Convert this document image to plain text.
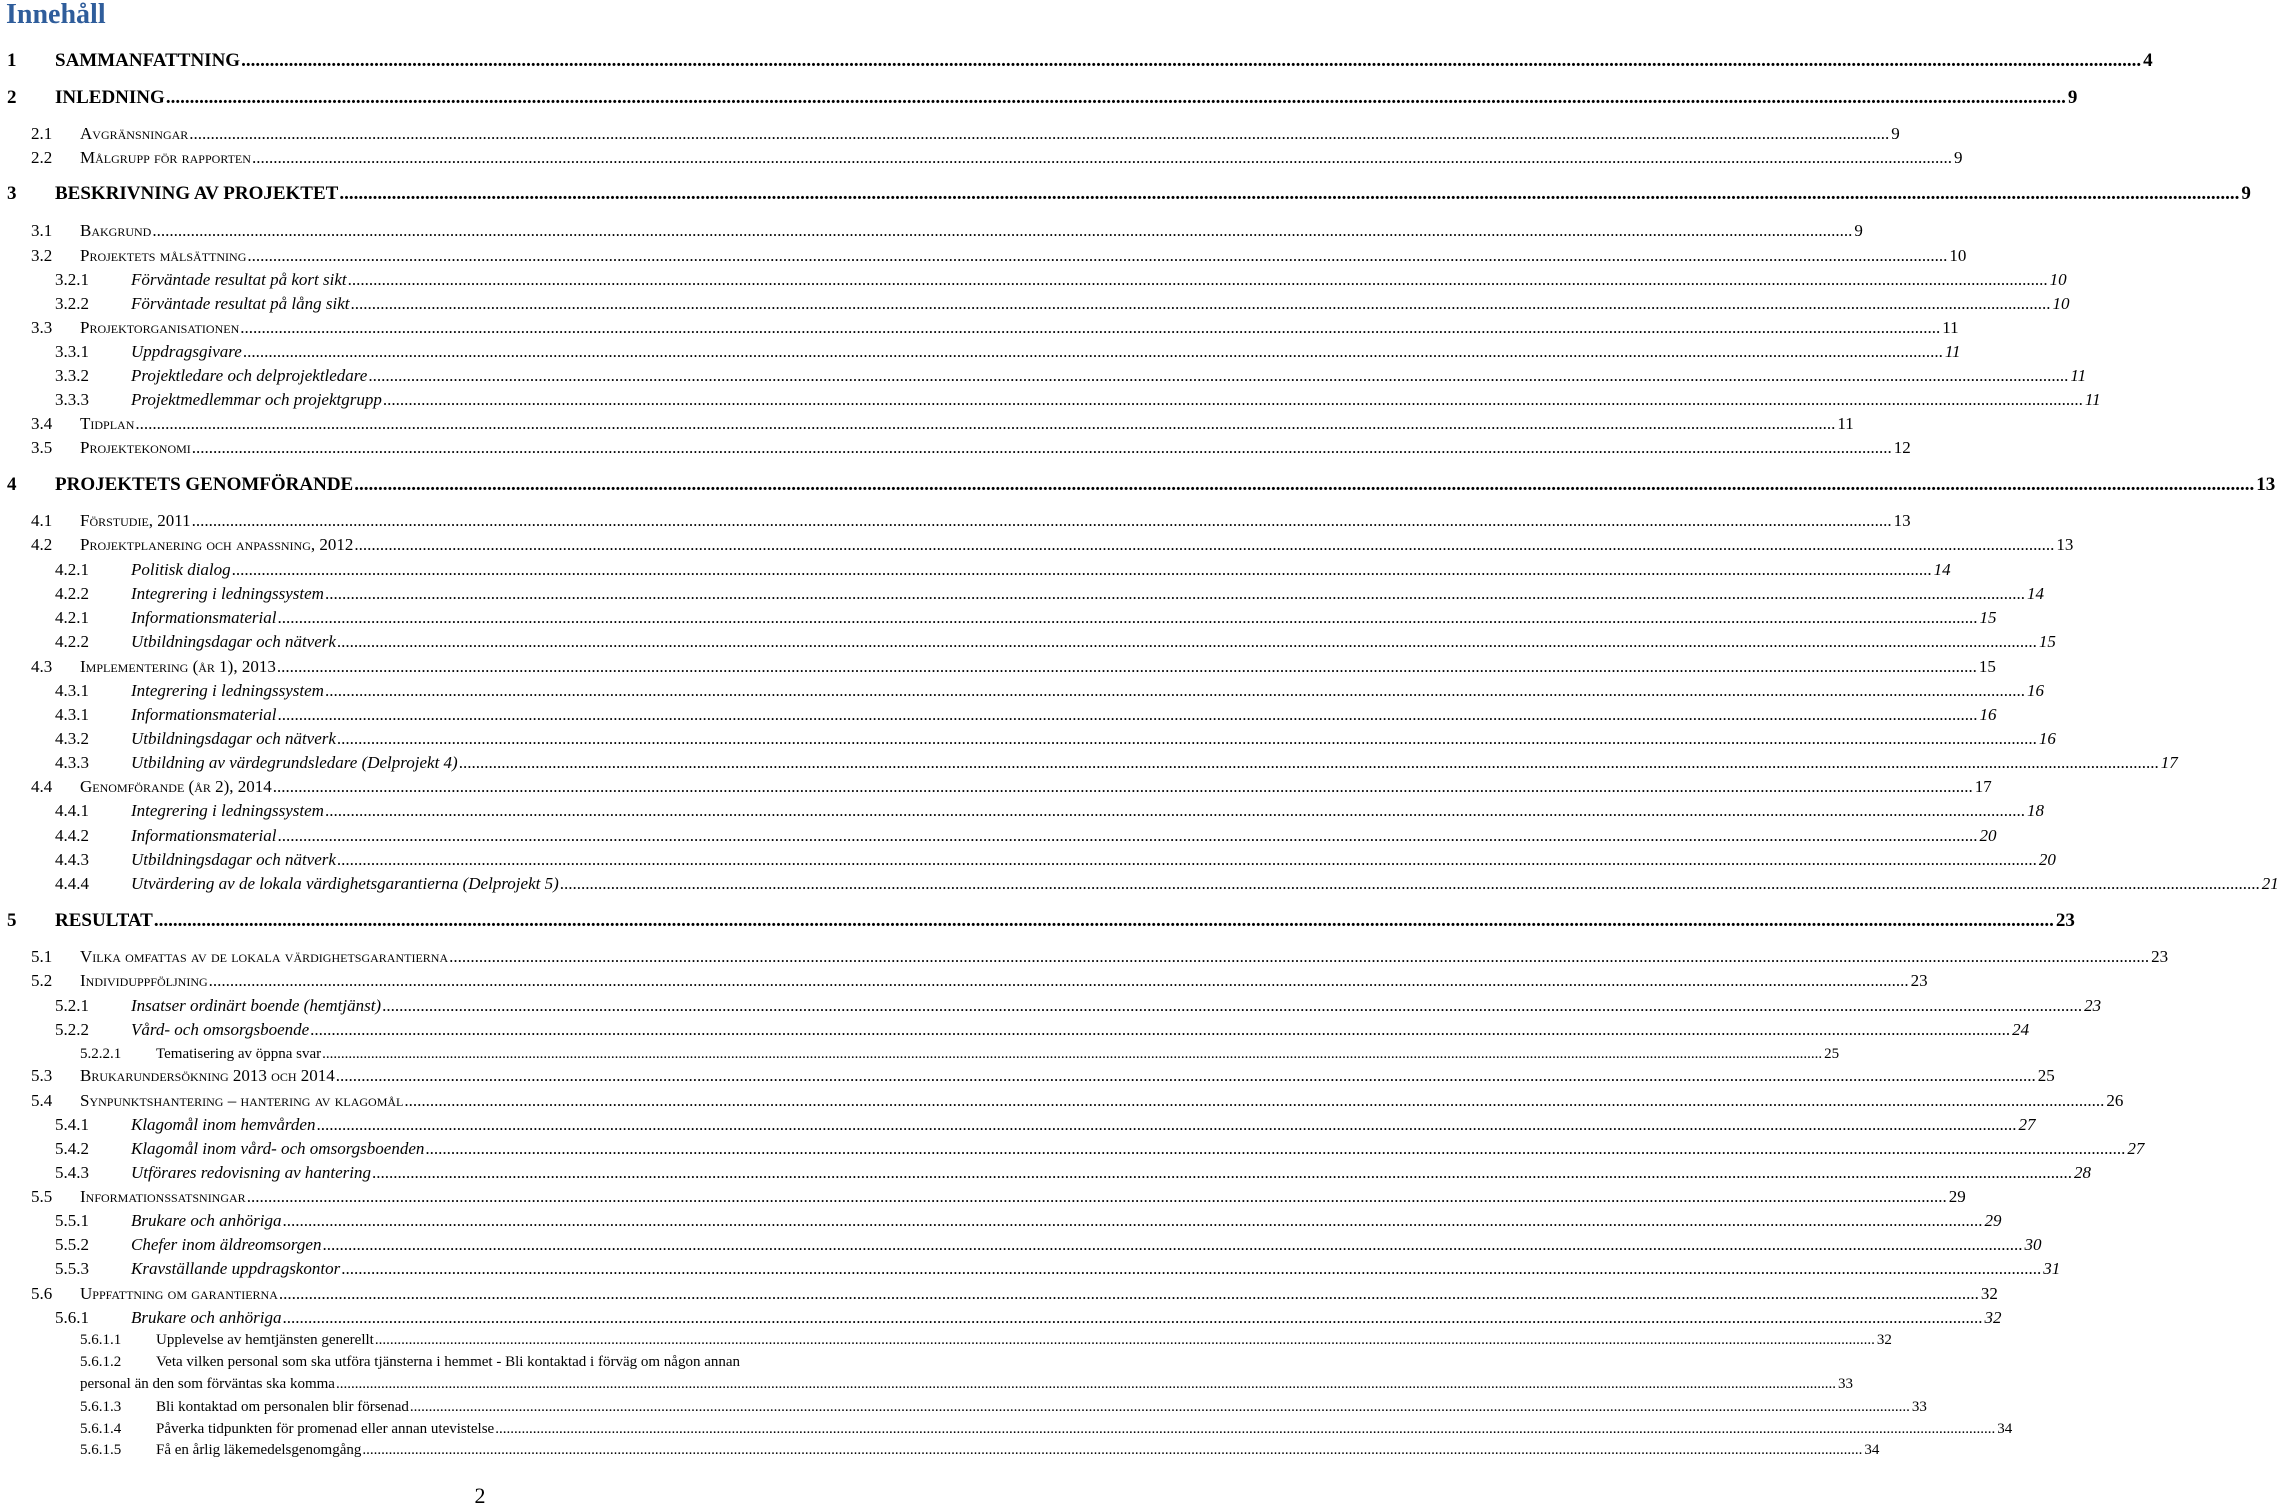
Innehåll
1 SAMMANFATTNING ................................................................................................................................................................................................................................................................................................................................................................................................................ 4
2 INLEDNING ................................................................................................................................................................................................................................................................................................................................................................................................................ 9
2.1 Avgränsningar ................................................................................................................................................................................................................................................................................................................................................................................................................ 9
2.2 Målgrupp för rapporten ................................................................................................................................................................................................................................................................................................................................................................................................................ 9
3 BESKRIVNING AV PROJEKTET ................................................................................................................................................................................................................................................................................................................................................................................................................ 9
3.1 Bakgrund ................................................................................................................................................................................................................................................................................................................................................................................................................ 9
3.2 Projektets målsättning ................................................................................................................................................................................................................................................................................................................................................................................................................ 10
3.2.1 Förväntade resultat på kort sikt ................................................................................................................................................................................................................................................................................................................................................................................................................ 10
3.2.2 Förväntade resultat på lång sikt ................................................................................................................................................................................................................................................................................................................................................................................................................ 10
3.3 Projektorganisationen ................................................................................................................................................................................................................................................................................................................................................................................................................ 11
3.3.1 Uppdragsgivare ................................................................................................................................................................................................................................................................................................................................................................................................................ 11
3.3.2 Projektledare och delprojektledare ................................................................................................................................................................................................................................................................................................................................................................................................................ 11
3.3.3 Projektmedlemmar och projektgrupp ................................................................................................................................................................................................................................................................................................................................................................................................................ 11
3.4 Tidplan ................................................................................................................................................................................................................................................................................................................................................................................................................ 11
3.5 Projektekonomi ................................................................................................................................................................................................................................................................................................................................................................................................................ 12
4 PROJEKTETS GENOMFÖRANDE ................................................................................................................................................................................................................................................................................................................................................................................................................ 13
4.1 Förstudie, 2011 ................................................................................................................................................................................................................................................................................................................................................................................................................ 13
4.2 Projektplanering och anpassning, 2012 ................................................................................................................................................................................................................................................................................................................................................................................................................ 13
4.2.1 Politisk dialog ................................................................................................................................................................................................................................................................................................................................................................................................................ 14
4.2.2 Integrering i ledningssystem ................................................................................................................................................................................................................................................................................................................................................................................................................ 14
4.2.1 Informationsmaterial ................................................................................................................................................................................................................................................................................................................................................................................................................ 15
4.2.2 Utbildningsdagar och nätverk ................................................................................................................................................................................................................................................................................................................................................................................................................ 15
4.3 Implementering (år 1), 2013 ................................................................................................................................................................................................................................................................................................................................................................................................................ 15
4.3.1 Integrering i ledningssystem ................................................................................................................................................................................................................................................................................................................................................................................................................ 16
4.3.1 Informationsmaterial ................................................................................................................................................................................................................................................................................................................................................................................................................ 16
4.3.2 Utbildningsdagar och nätverk ................................................................................................................................................................................................................................................................................................................................................................................................................ 16
4.3.3 Utbildning av värdegrundsledare (Delprojekt 4) ................................................................................................................................................................................................................................................................................................................................................................................................................ 17
4.4 Genomförande (år 2), 2014 ................................................................................................................................................................................................................................................................................................................................................................................................................ 17
4.4.1 Integrering i ledningssystem ................................................................................................................................................................................................................................................................................................................................................................................................................ 18
4.4.2 Informationsmaterial ................................................................................................................................................................................................................................................................................................................................................................................................................ 20
4.4.3 Utbildningsdagar och nätverk ................................................................................................................................................................................................................................................................................................................................................................................................................ 20
4.4.4 Utvärdering av de lokala värdighetsgarantierna (Delprojekt 5) ................................................................................................................................................................................................................................................................................................................................................................................................................ 21
5 RESULTAT ................................................................................................................................................................................................................................................................................................................................................................................................................ 23
5.1 Vilka omfattas av de lokala värdighetsgarantierna ................................................................................................................................................................................................................................................................................................................................................................................................................ 23
5.2 Individuppföljning ................................................................................................................................................................................................................................................................................................................................................................................................................ 23
5.2.1 Insatser ordinärt boende (hemtjänst) ................................................................................................................................................................................................................................................................................................................................................................................................................ 23
5.2.2 Vård- och omsorgsboende ................................................................................................................................................................................................................................................................................................................................................................................................................ 24
5.2.2.1 Tematisering av öppna svar ................................................................................................................................................................................................................................................................................................................................................................................................................ 25
5.3 Brukarundersökning 2013 och 2014 ................................................................................................................................................................................................................................................................................................................................................................................................................ 25
5.4 Synpunktshantering – hantering av klagomål ................................................................................................................................................................................................................................................................................................................................................................................................................ 26
5.4.1 Klagomål inom hemvården ................................................................................................................................................................................................................................................................................................................................................................................................................ 27
5.4.2 Klagomål inom vård- och omsorgsboenden ................................................................................................................................................................................................................................................................................................................................................................................................................ 27
5.4.3 Utförares redovisning av hantering ................................................................................................................................................................................................................................................................................................................................................................................................................ 28
5.5 Informationssatsningar ................................................................................................................................................................................................................................................................................................................................................................................................................ 29
5.5.1 Brukare och anhöriga ................................................................................................................................................................................................................................................................................................................................................................................................................ 29
5.5.2 Chefer inom äldreomsorgen ................................................................................................................................................................................................................................................................................................................................................................................................................ 30
5.5.3 Kravställande uppdragskontor ................................................................................................................................................................................................................................................................................................................................................................................................................ 31
5.6 Uppfattning om garantierna ................................................................................................................................................................................................................................................................................................................................................................................................................ 32
5.6.1 Brukare och anhöriga ................................................................................................................................................................................................................................................................................................................................................................................................................ 32
5.6.1.1 Upplevelse av hemtjänsten generellt ................................................................................................................................................................................................................................................................................................................................................................................................................ 32
5.6.1.2 Veta vilken personal som ska utföra tjänsterna i hemmet - Bli kontaktad i förväg om någon annan
personal än den som förväntas ska komma ................................................................................................................................................................................................................................................................................................................................................................................................................ 33
5.6.1.3 Bli kontaktad om personalen blir försenad ................................................................................................................................................................................................................................................................................................................................................................................................................ 33
5.6.1.4 Påverka tidpunkten för promenad eller annan utevistelse ................................................................................................................................................................................................................................................................................................................................................................................................................ 34
5.6.1.5 Få en årlig läkemedelsgenomgång ................................................................................................................................................................................................................................................................................................................................................................................................................ 34
2
